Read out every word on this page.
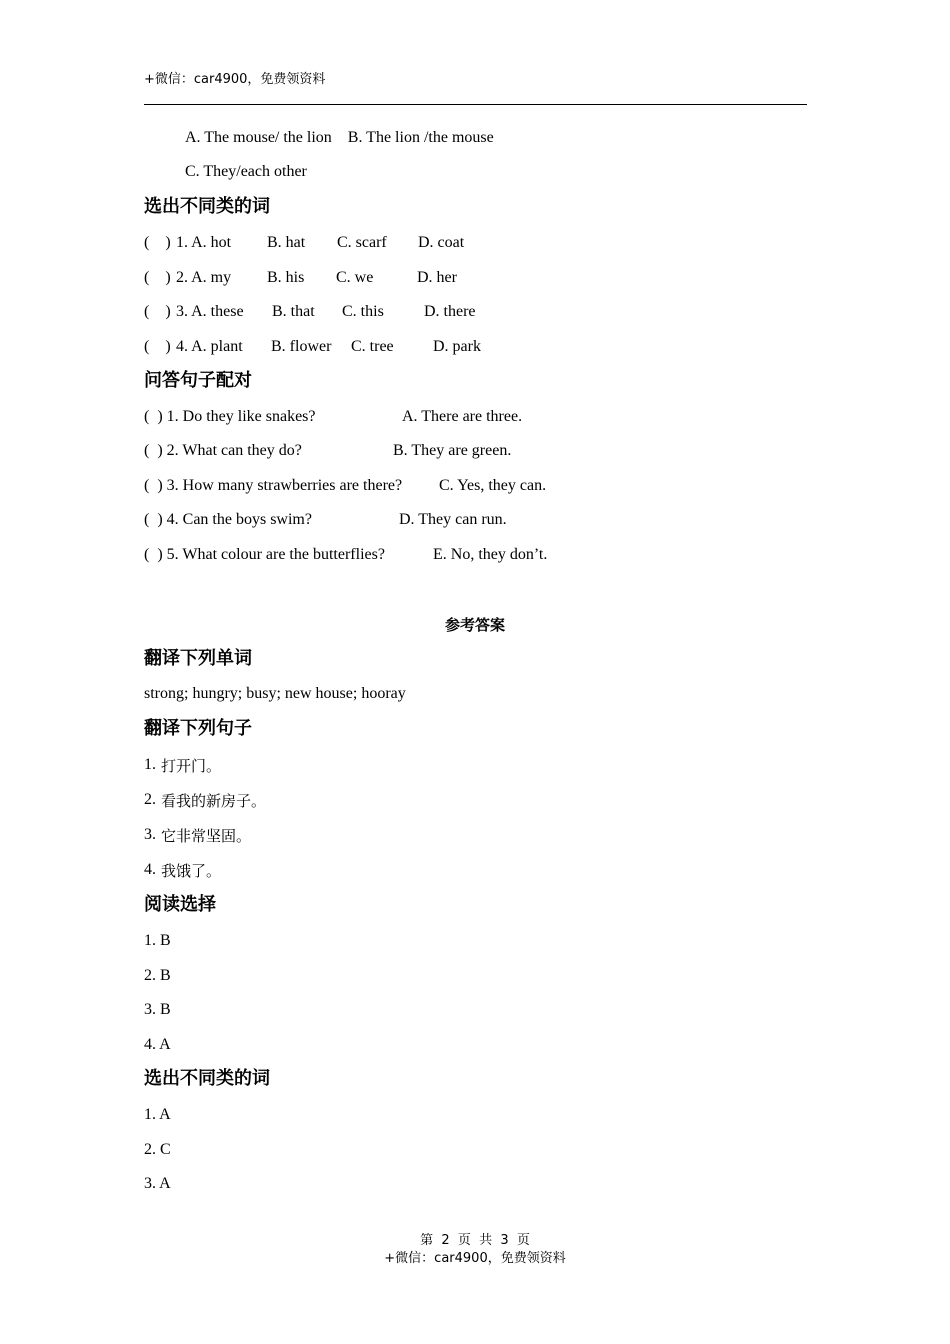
+微信：car4900，免费领资料
A. The mouse/ the lion    B. The lion /the mouse
C. They/each other
选出不同类的词
(    ) 1. A. hot B. hat C. scarf D. coat
(    ) 2. A. my B. his C. we	D. her
(    ) 3. A. these B. that C. this	D. there
(    ) 4. A. plant B. flower C. tree D. park
问答句子配对
(  ) 1. Do they like snakes?	A. There are three.
(  ) 2. What can they do?	B. They are green.
(  ) 3. How many strawberries are there? C. Yes, they can.
(  ) 4. Can the boys swim?	D. They can run.
(  ) 5. What colour are the butterflies?	E. No, they don’t.
参考答案
翻译下列单词
strong; hungry; busy; new house; hooray
翻译下列句子
1. 打开门。
2. 看我的新房子。
3. 它非常坚固。
4. 我饿了。
阅读选择
1. B
2. B
3. B
4. A
选出不同类的词
1. A
2. C
3. A
第  2  页  共  3  页
+微信：car4900，免费领资料
